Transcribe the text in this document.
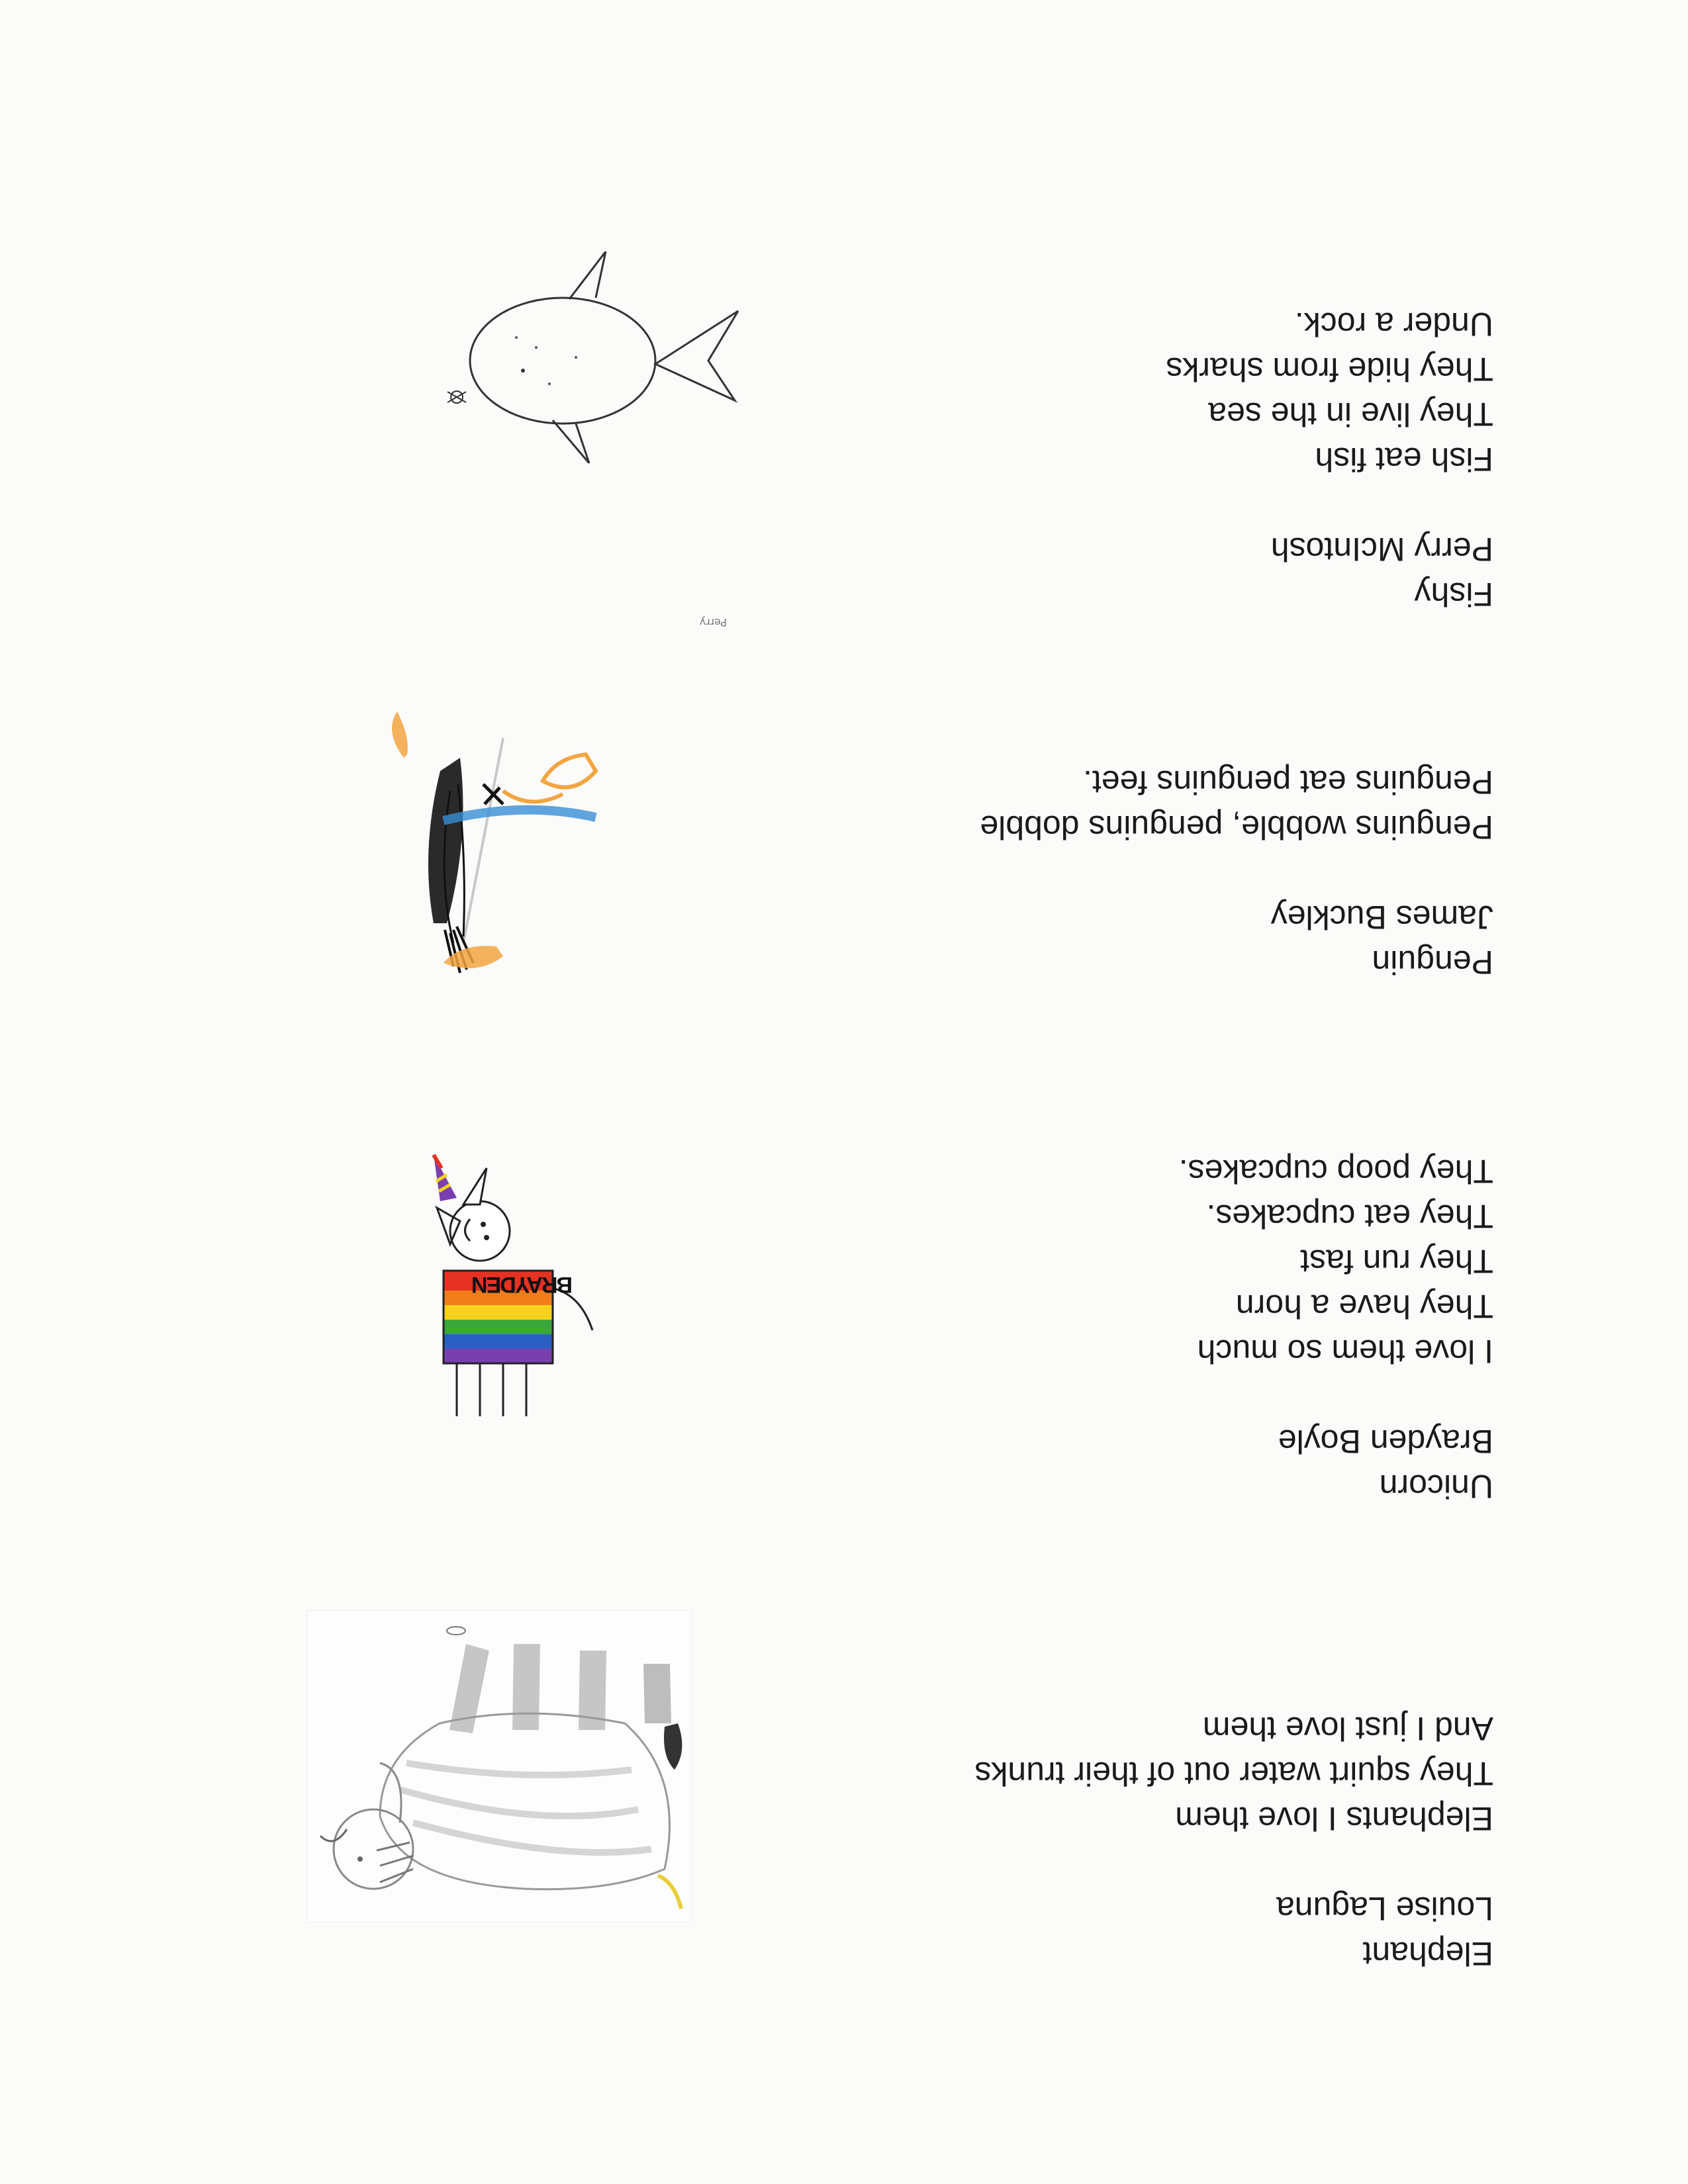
Fishy
Perry McIntosh
Fish eat fish
They live in the sea
They hide from sharks
Under a rock.
Perry
Penguin
James Buckley
Penguins wobble, penguins dobble
Penguins eat penguins feet.
Unicorn
Brayden Boyle
I love them so much
They have a horn
They run fast
They eat cupcakes.
They poop cupcakes.
BRAYDEN
Elephant
Louise Laguna
Elephants I love them
They squirt water out of their trunks
And I just love them
